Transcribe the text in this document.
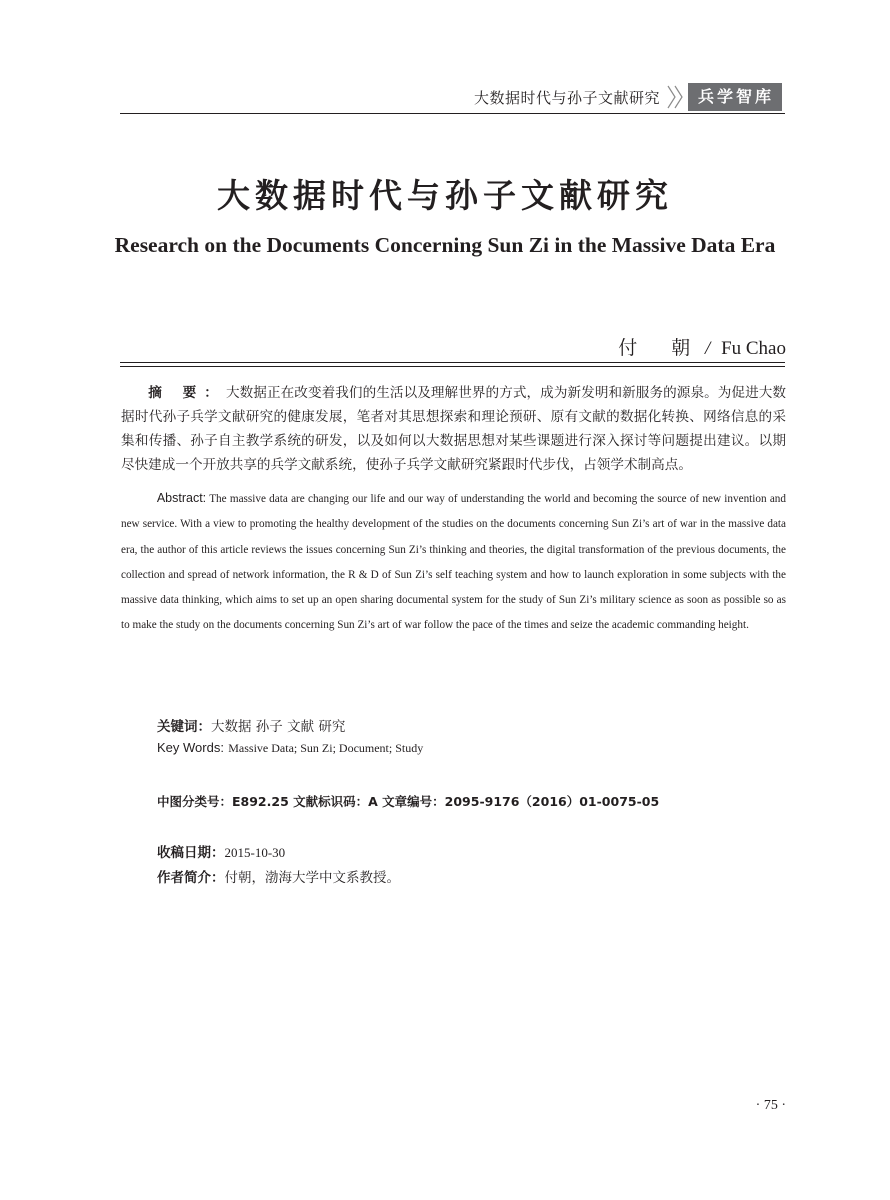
大数据时代与孙子文献研究	兵学智库
大数据时代与孙子文献研究
Research on the Documents Concerning Sun Zi in the Massive Data Era
付 朝 / Fu Chao
摘 要：大数据正在改变着我们的生活以及理解世界的方式，成为新发明和新服务的源泉。为促进大数据时代孙子兵学文献研究的健康发展，笔者对其思想探索和理论预研、原有文献的数据化转换、网络信息的采集和传播、孙子自主教学系统的研发，以及如何以大数据思想对某些课题进行深入探讨等问题提出建议。以期尽快建成一个开放共享的兵学文献系统，使孙子兵学文献研究紧跟时代步伐，占领学术制高点。
Abstract: The massive data are changing our life and our way of understanding the world and becoming the source of new invention and new service. With a view to promoting the healthy development of the studies on the documents concerning Sun Zi’s art of war in the massive data era, the author of this article reviews the issues concerning Sun Zi’s thinking and theories, the digital transformation of the previous documents, the collection and spread of network information, the R & D of Sun Zi’s self teaching system and how to launch exploration in some subjects with the massive data thinking, which aims to set up an open sharing documental system for the study of Sun Zi’s military science as soon as possible so as to make the study on the documents concerning Sun Zi’s art of war follow the pace of the times and seize the academic commanding height.
关键词：大数据 孙子 文献 研究
Key Words: Massive Data; Sun Zi; Document; Study
中图分类号：E892.25 文献标识码：A 文章编号：2095-9176（2016）01-0075-05
收稿日期：2015-10-30
作者简介：付朝，渤海大学中文系教授。
· 75 ·
